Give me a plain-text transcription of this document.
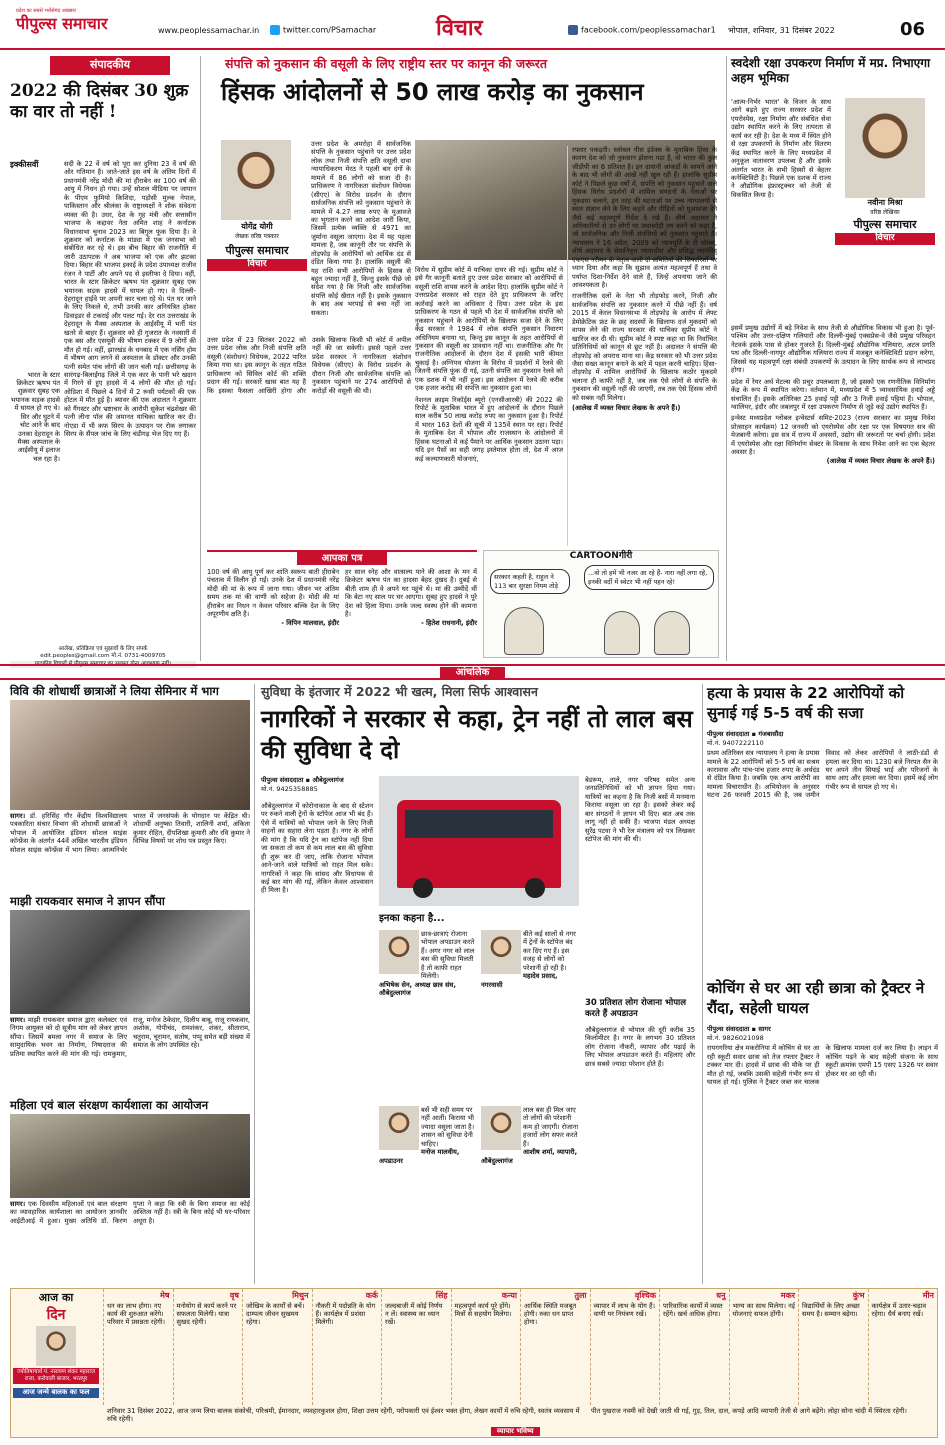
प्रदेश का सबसे भरोसेमंद अखबार
पीपुल्स समाचार	www.peoplessamachar.in	twitter.com/PSamachar	विचार	facebook.com/peoplessamachar1 भोपाल, शनिवार, 31 दिसंबर 2022	06
संपादकीय
2022 की दिसंबर 30 शुक्र का वार तो नहीं !
इक्कीसवीं
भारत के स्टार क्रिकेटर ऋषभ पंत शुक्रवार सुबह एक भयानक सड़क हादसे में घायल हो गए थे। सिर और घुटने में चोट आने के बाद उनका देहरादून के मैक्स अस्पताल के आईसीयू में इलाज चल रहा है।
सदी के 22 वें वर्ष को पूरा कर दुनिया 23 वें वर्ष की ओर गतिमान है। जाते-जाते इस वर्ष के अंतिम दिनों में प्रधानमंत्री नरेंद्र मोदी की मां हीराबेन का 100 वर्ष की आयु में निधन हो गया। उन्हें सोशल मीडिया पर जापान के पीएम फुमियो किशिदा, पड़ोसी मुल्क नेपाल, पाकिस्तान और श्रीलंका के राष्ट्राध्यक्षों ने शोक संवेदना व्यक्त की है। उधर, देश के गृह मंत्री और सत्तासीन भाजपा के कद्दावर नेता अमित शाह ने कर्नाटक विधानसभा चुनाव 2023 का बिगुल फूंक दिया है। वे शुक्रवार को कर्नाटक के मांड्या में एक जनसभा को संबोधित कर रहे थे। इस बीच बिहार की राजनीति में जारी उठापटक ने अब भाजपा को एक और झटका दिया। बिहार की भाजपा इकाई के प्रदेश उपाध्यक्ष राजीव रंजन ने पार्टी और अपने पद से इस्तीफा दे दिया। वहीं, भारत के स्टार क्रिकेटर ऋषभ पंत शुक्रवार सुबह एक भयानक सड़क हादसे में घायल हो गए। वे दिल्ली-देहरादून हाईवे पर अपनी कार चला रहे थे। पंत घर जाने के लिए निकले थे, तभी उनकी कार अनियंत्रित होकर डिवाइडर से टकराई और पलट गई। देर रात उत्तराखंड के देहरादून के मैक्स अस्पताल के आईसीयू में भर्ती पंत खतरे से बाहर हैं। शुक्रवार को ही गुजरात के नवसारी में एक बस और एसयूवी की भीषण टक्कर में 9 लोगों की मौत हो गई। वहीं, झारखंड के धनबाद में एक नर्सिंग होम में भीषण आग लगने से अस्पताल के डॉक्टर और उनकी पत्नी समेत पांच लोगों की जान चली गई। छत्तीसगढ़ के सारंगढ़-बिलाईगढ़ जिले में एक कार के पानी भरे खदान में गिरने से हुए हादसे में 4 लोगों की मौत हो गई। ओडिशा में पिछले 4 दिनों में 2 रूसी पर्यटकों की एक होटल में मौत हुई है। ब्यावर की एक अदालत ने शुक्रवार को गैंगस्टर और भ्रष्टाचार के आरोपी सुकेश चंद्रशेखर की पत्नी लीना पॉल की जमानत याचिका खारिज कर दी। नोएडा में भी कफ सिरप के उत्पादन पर रोक लगाकर सिरप के सैंपल जांच के लिए चंडीगढ़ भेज दिए गए हैं।
आलेख, प्रतिक्रिया एवं सुझावों के लिए संपर्क
edit.peoples@gmail.com मो.नं. 0731-4009705
पाठकीय विचारों से पीपुल्स समाचार का सहमत होना आवश्यक नहीं।
संपत्ति को नुकसान की वसूली के लिए राष्ट्रीय स्तर पर कानून की जरूरत
हिंसक आंदोलनों से 50 लाख करोड़ का नुकसान
योगेंद्र योगी
लेखक वरिष्ठ पत्रकार
पीपुल्स समाचार
विचार
उत्तर प्रदेश के अमरोहा में सार्वजनिक संपत्ति के नुकसान पहुंचाने पर उत्तर प्रदेश लोक तथा निजी संपत्ति क्षति वसूली दावा न्यायाधिकरण मेरठ ने पहली बार दंगों के मामले में 86 लोगों को सजा दी है। प्राधिकरण ने नागरिकता संशोधन विधेयक (सीएए) के विरोध प्रदर्शन के दौरान सार्वजनिक संपत्ति को नुकसान पहुंचाने के मामले में 4.27 लाख रुपए के मुआवजे का भुगतान करने का आदेश जारी किया, जिसमें प्रत्येक व्यक्ति से 4971 का जुर्माना वसूला जाएगा। देश में यह पहला मामला है, जब कानूनी तौर पर संपत्ति के तोड़फोड़ के आरोपियों को आर्थिक दंड से दंडित किया गया है। हालांकि वसूली की यह राशि सभी आरोपियों के हिसाब से बहुत ज्यादा नहीं है, किन्तु इसके पीछे जो संदेश गया है कि निजी और सार्वजनिक संपत्ति कोई खैरात नहीं है। इसके नुकसान के बाद अब भरपाई से बचा नहीं जा सकता।
उत्तर प्रदेश में 23 सितंबर 2022 को उत्तर प्रदेश लोक और निजी संपत्ति क्षति वसूली (संशोधन) विधेयक, 2022 पारित किया गया था। इस कानून के तहत गठित प्राधिकरण को सिविल कोर्ट की शक्ति प्रदान की गई। सरकारें खास बात यह है कि इसका फैसला आखिरी होगा और उसके खिलाफ किसी भी कोर्ट में अपील नहीं की जा सकेगी। इससे पहले उत्तर प्रदेश सरकार ने नागरिकता संशोधन विधेयक (सीएए) के विरोध प्रदर्शन के दौरान निजी और सार्वजनिक संपत्ति को नुकसान पहुंचाने पर 274 आरोपियों से करोड़ों की वसूली की थी।
विरोध में सुप्रीम कोर्ट में याचिका दायर की गई। सुप्रीम कोर्ट ने इसे गैर कानूनी बताते हुए उत्तर प्रदेश सरकार को आरोपियों से वसूली राशि वापस करने के आदेश दिए। हालांकि सुप्रीम कोर्ट ने उत्तरप्रदेश सरकार को राहत देते हुए प्राधिकरण के जरिए कार्रवाई करने का अधिकार दे दिया। उत्तर प्रदेश के इस प्राधिकरण के गठन से पहले भी देश में सार्वजनिक संपत्ति को नुकसान पहुंचाने के आरोपियों के खिलाफ सजा देने के लिए केंद्र सरकार ने 1984 में लोक संपत्ति नुकसान निवारण अधिनियम बनाया था, किन्तु इस कानून के तहत आरोपियों से नुकसान की वसूली का प्रावधान नहीं था। राजनीतिक और गैर राजनीतिक आंदोलनों के दौरान देश में इसकी भारी कीमत चुकाई है। अग्निपथ योजना के विरोध में प्रदर्शनों में रेलवे की जितनी संपत्ति फूंक दी गई, उतनी संपत्ति का नुकसान रेलवे को एक दशक में भी नहीं हुआ। इस आंदोलन में रेलवे की करीब एक हजार करोड़ की संपत्ति का नुकसान हुआ था।
नेशनल क्राइम रिकॉर्ड्स ब्यूरो (एनसीआरबी) की 2022 की रिपोर्ट के मुताबिक भारत में हुए आंदोलनों के दौरान पिछले साल करीब 50 लाख करोड़ रुपए का नुकसान हुआ है। रिपोर्ट में भारत 163 देशों की सूची में 135वें स्थान पर रहा। रिपोर्ट के मुताबिक देश में भोपाल और राजस्थान के आंदोलनों में हिंसक घटनाओं में कई पैमाने पर आर्थिक नुकसान उठाना पड़ा। यदि इन पैसों का सही जगह इस्तेमाल होता तो, देश में आज कई कल्याणकारी योजनाएं,
रफ्तार पकड़ती। स्लोबल पीस इंडेक्स के मुताबिक हिंसा के कारण देश को जो नुकसान झेलना पड़ा है, वो भारत की कुल जीडीपी का 6 प्रतिशत है। इन दावानों आंकड़ों के सामने आने के बाद भी लोगों की आंखें नहीं खुल रही हैं। हालांकि सुप्रीम कोर्ट ने पिछले कुछ वर्षों में, संपत्ति को नुकसान पहुंचाने वाले हिंसक विरोध प्रदर्शनों में शामिल संगठनों के नेताओं पर मुकदमा चलाने, इन तरह की घटनाओं पर उच्च न्यायालयों से स्वतः संज्ञान लेने के लिए कहने और पीड़ितों को मुआवजा देने जैसे कई महत्वपूर्ण निर्देश दे रखे हैं। शीर्ष अदालत ने अधिकारियों से उन लोगों पर जवाबदेही तय करने को कहा है, जो सार्वजनिक और निजी संपत्तियों को नुकसान पहुंचाते हैं। न्यायालय ने 16 अप्रैल, 2009 को न्यायमूर्ति के टी थॉमस, शीर्ष अदालत के सेवानिवृत्त न्यायाधीश और प्रसिद्ध न्यायविद् एफएस नरीमन के नेतृत्व वाली दो समितियों की सिफारिशों पर ध्यान दिया और कहा कि सुझाव अत्यंत महत्वपूर्ण हैं तथा वे पर्याप्त दिशा-निर्देश देने वाले हैं, जिन्हें अपनाया जाने की आवश्यकता है।
राजनीतिक दलों के नेता भी तोड़फोड़ करने, निजी और सार्वजनिक संपत्ति का नुकसान करने में पीछे नहीं हैं। वर्ष 2015 में केरल विधानसभा में तोड़फोड़ के आरोप में लेफ्ट डेमोक्रेटिक फ्रंट के छह सदस्यों के खिलाफ दर्ज मुकदमों को वापस लेने की राज्य सरकार की याचिका सुप्रीम कोर्ट ने खारिज कर दी थी। सुप्रीम कोर्ट ने स्पष्ट कहा था कि निर्वाचित प्रतिनिधियों को कानून से छूट नहीं है। अदालत ने संपत्ति की तोड़फोड़ को अपराध माना था। केंद्र सरकार को भी उत्तर प्रदेश जैसा सख्त कानून बनाने के बारे में पहल करनी चाहिए। हिंसा-तोड़फोड़ में शामिल आरोपियों के खिलाफ कठोर मुकदमे चलाना ही काफी नहीं है, जब तक ऐसे लोगों से संपत्ति के नुकसान की वसूली नहीं की जाएगी, तब तक ऐसे हिंसक लोगों को सबक नहीं मिलेगा।
(आलेख में व्यक्त विचार लेखक के अपने हैं।)
आपका पत्र
100 वर्ष की आयु पूर्ण कर शांति स्वरूप बाती हीराबेन पंचतत्व में विलीन हो गईं। उनके देश में प्रधानमंत्री नरेंद्र मोदी की मां के रूप में जाना गया। जीवन भर अंतिम समय तक मां की वाणी को सहेजा है। मोदी की मां हीराबेन का निधन न केवल परिवार बल्कि देश के लिए अपूरणीय क्षति है।
- विपिन मालवाल, इंदौर
हर साल स्नेह और वात्सल्य पाने की आशा के मन में क्रिकेटर ऋषभ पंत का हादसा बेहद दुखद है। दुबई से बीती शाम ही वे अपने घर पहुंचे थे। मां की उम्मीदें थीं कि बेटा नए साल पर घर आएगा। सुबह हुए हादसे ने पूरे देश को हिला दिया। उनके जल्द स्वस्थ होने की कामना है।
- हितेश राधनानी, इंदौर
CARTOONगीरी
सरकार कहती है, राहुल ने 113 बार सुरक्षा नियम तोड़े
...वो तो हमें भी नजर आ रहे हैं- नारा नहीं लगा रहे, इनकी वर्दी में स्वेटर भी नहीं पहन रहे!
स्वदेशी रक्षा उपकरण निर्माण में मप्र. निभाएगा अहम भूमिका
'आत्म-निर्भर भारत' के विजन के साथ आगे बढ़ते हुए राज्य सरकार प्रदेश में एयरोस्पेस, रक्षा निर्माण और संबंधित सेवा उद्योग स्थापित करने के लिए तत्परता से कार्य कर रही है। देश के मध्य में स्थित होने से रक्षा उपकरणों के निर्माण और वितरण केंद्र स्थापित करने के लिए मध्यप्रदेश में अनुकूल वातावरण उपलब्ध है और इसके अंतर्गत भारत के सभी हिस्सों से बेहतर कनेक्टिविटी है। पिछले एक दशक में राज्य ने औद्योगिक इंफ्रास्ट्रक्चर को तेजी से विकसित किया है।
नवीना मिश्रा
वरिष्ठ लेखिका
पीपुल्स समाचार
विचार
इसमें प्रमुख उद्योगों में बड़े निवेश के साथ तेजी से औद्योगिक विकास भी हुआ है। पूर्व-पश्चिम और उत्तर-दक्षिण गलियारों और दिल्ली-मुंबई एक्सप्रेस-वे जैसे प्रमुख परिवहन नेटवर्क इसके पास से होकर गुजरते हैं। दिल्ली-मुंबई औद्योगिक गलियारा, अटल प्रगति पथ और दिल्ली-नागपुर औद्योगिक गलियारा राज्य में मजबूत कनेक्टिविटी प्रदान करेगा, जिससे यह महत्वपूर्ण रक्षा संबंधी उपकरणों के उत्पादन के लिए सार्थक रूप से लाभप्रद होगा।
प्रदेश में रेयर अर्थ मेटल्स की प्रचुर उपलब्धता है, जो इसको एक रणनीतिक विनिर्माण केंद्र के रूप में स्थापित करेगा। वर्तमान में, मध्यप्रदेश में 5 व्यावसायिक हवाई अड्डे संचालित हैं। इसके अतिरिक्त 25 हवाई पट्टी और 3 निजी हवाई पट्टियां हैं। भोपाल, ग्वालियर, इंदौर और जबलपुर में रक्षा उपकरण निर्माण से जुड़े कई उद्योग स्थापित हैं।
इन्वेस्ट मध्यप्रदेश ग्लोबल इन्वेस्टर्स समिट-2023 (राज्य सरकार का प्रमुख निवेश प्रोत्साहन कार्यक्रम) 12 जनवरी को एयरोस्पेस और रक्षा पर एक विषयगत सत्र की मेजबानी करेगा। इस सत्र में राज्य में अवसरों, उद्योग की जरूरतों पर चर्चा होगी। प्रदेश में एयरोस्पेस और रक्षा विनिर्माण सेक्टर के विकास के साथ निवेश आने का एक बेहतर अवसर है।
(आलेख में व्यक्त विचार लेखक के अपने हैं।)
आंचलिक
विवि की शोधार्थी छात्राओं ने लिया सेमिनार में भाग
सागर। डॉ. हरिसिंह गौर केंद्रीय विश्वविद्यालय पत्रकारिता संचार विभाग की शोधार्थी छात्राओं ने भोपाल में आयोजित इंडियन सोशल साइंस कॉन्फ्रेंस के अंतर्गत 44वें अखिल भारतीय इंडियन सोशल साइंस कॉन्फ्रेंस में भाग लिया। आत्मनिर्भर भारत में जनसंपर्क के योगदान पर केंद्रित थी। शोधार्थी अनुष्का तिवारी, शालिनी शर्मा, अंकिता कुमार रोहित, दीपशिखा कुमारी और रवि कुमार ने विभिन्न विषयों पर शोध पत्र प्रस्तुत किए।
माझी रायकवार समाज ने ज्ञापन सौंपा
सागर। माझी रायकवार समाज द्वारा कलेक्टर एवं निगम आयुक्त को दो सूत्रीय मांग को लेकर ज्ञापन सौंपा। जिसमें बमला नगर में समाज के लिए सामुदायिक भवन का निर्माण, निषादराज की प्रतिमा स्थापित करने की मांग की गई। रामकुमार, राजू, मनोज ठेकेदार, दिलीप बाबू, राजू रायकवार, अशोक, गोपीचंद, रामशंकर, शंकर, सीताराम, चतुराम, चूरामन, संतोष, पप्पू समेत बड़ी संख्या में समाज के लोग उपस्थित रहे।
महिला एवं बाल संरक्षण कार्यशाला का आयोजन
सागर। एक दिवसीय महिलाओं एवं बाल संरक्षण का व्यावहारिक कार्यशाला का आयोजन ज्ञानवीर आईटीआई में हुआ। मुख्य अतिथि डॉ. किरण गुप्ता ने कहा कि स्त्री के बिना समाज का कोई अस्तित्व नहीं है। स्त्री के बिना कोई भी घर-परिवार अधूरा है।
सुविधा के इंतजार में 2022 भी खत्म, मिला सिर्फ आश्वासन
नागरिकों ने सरकार से कहा, ट्रेन नहीं तो लाल बस की सुविधा दे दो
पीपुल्स संवाददाता ▪ औबेदुल्लागंज
मो.नं. 9425358885
औबेदुल्लागंज में कोरोनाकाल के बाद से स्टेशन पर रुकने वाली ट्रेनों के स्टॉपेज आज भी बंद हैं। ऐसे में यात्रियों को भोपाल जाने के लिए निजी वाहनों का सहारा लेना पड़ता है। नगर के लोगों की मांग है कि यदि ट्रेन का स्टॉपेज नहीं दिया जा सकता तो कम से कम लाल बस की सुविधा ही शुरू कर दी जाए, ताकि रोजाना भोपाल आने-जाने वाले यात्रियों को राहत मिल सके। नागरिकों ने कहा कि सांसद और विधायक से कई बार मांग की गई, लेकिन केवल आश्वासन ही मिला है।
बेडरूम, ताले, नगर परिषद समेत अन्य जनप्रतिनिधियों को भी ज्ञापन दिया गया। यात्रियों का कहना है कि निजी बसों में मनमाना किराया वसूला जा रहा है। इसको लेकर कई बार संगठनों ने ज्ञापन भी दिए। बात अब तक लागू नहीं हो सकी है। भाजपा मंडल अध्यक्ष सुरेंद्र पटवा ने भी रेल मंत्रालय को पत्र लिखकर स्टॉपेज की मांग की थी।
30 प्रतिशत लोग रोजाना भोपाल करते हैं अपडाउन
औबेदुल्लागंज से भोपाल की दूरी करीब 35 किलोमीटर है। नगर के लगभग 30 प्रतिशत लोग रोजाना नौकरी, व्यापार और पढ़ाई के लिए भोपाल अपडाउन करते हैं। महिलाएं और छात्र सबसे ज्यादा परेशान होते हैं।
इनका कहना है...
छात्र-छात्राएं रोजाना भोपाल अपडाउन करते हैं। अगर नगर को लाल बस की सुविधा मिलती है तो काफी राहत मिलेगी।
अभिषेक सेन, अध्यक्ष छात्र संघ, औबेदुल्लागंज
बीते कई सालों से नगर में ट्रेनों के स्टॉपेज बंद कर दिए गए हैं। इस वजह से लोगों को परेशानी हो रही है।
महादेव प्रसाद, नगरवासी
बसें भी सही समय पर नहीं आतीं। किराया भी ज्यादा वसूला जाता है। शासन को सुविधा देनी चाहिए।
मनोज मालवीय, अपडाउनर
लाल बस ही मिल जाए तो लोगों की परेशानी कम हो जाएगी। रोजाना हजारों लोग सफर करते हैं।
आशीष शर्मा, व्यापारी, औबेदुल्लागंज
हत्या के प्रयास के 22 आरोपियों को सुनाई गई 5-5 वर्ष की सजा
पीपुल्स संवाददाता ▪ गंजबासौदा
मो.नं. 9407222110
प्रथम अतिरिक्त सत्र न्यायालय ने हत्या के प्रयास मामले के 22 आरोपियों को 5-5 वर्ष का सश्रम कारावास और पांच-पांच हजार रुपए के अर्थदंड से दंडित किया है। जबकि एक अन्य आरोपी का मामला विचाराधीन है। अभियोजन के अनुसार घटना 26 फरवरी 2015 की है, जब जमीन विवाद को लेकर आरोपियों ने लाठी-डंडों से हमला कर दिया था। 1230 बजे निरपत सैन के घर अपने तीन सियाई भाई और परिजनों के साथ आए और हमला कर दिया। इसमें कई लोग गंभीर रूप से घायल हो गए थे।
कोचिंग से घर आ रही छात्रा को ट्रैक्टर ने रौंदा, सहेली घायल
पीपुल्स संवाददाता ▪ सागर
मो.नं. 9826021098
रायगगरिया क्षेत्र मकरोनिया में कोचिंग से घर आ रही स्कूटी सवार छात्रा को तेज रफ्तार ट्रैक्टर ने टक्कर मार दी। हादसे में छात्रा की मौके पर ही मौत हो गई, जबकि उसकी सहेली गंभीर रूप से घायल हो गई। पुलिस ने ट्रैक्टर जब्त कर चालक के खिलाफ मामला दर्ज कर लिया है। लाइन में कोचिंग पढ़ने के बाद सहेली संजना के साथ स्कूटी क्रमांक एमपी 15 एसए 1326 पर सवार होकर घर आ रही थी।
आज का
दिन
ज्योतिषाचार्य पं. नारायण शंकर महाराज राजा, करोवाली बाजार, भरतपुर
आज जन्मे बालक का फल
मेष
धन का लाभ होगा। नए कार्य की शुरुआत करेंगे। परिवार में प्रसन्नता रहेगी।
वृष
मनोयोग से कार्य करने पर सफलता मिलेगी। यात्रा सुखद रहेगी।
मिथुन
जोखिम के कार्यों से बचें। दाम्पत्य जीवन सुखमय रहेगा।
कर्क
नौकरी में पदोन्नति के योग हैं। कार्यक्षेत्र में प्रशंसा मिलेगी।
सिंह
जल्दबाजी में कोई निर्णय न लें। स्वास्थ्य का ध्यान रखें।
कन्या
महत्वपूर्ण कार्य पूरे होंगे। मित्रों से सहयोग मिलेगा।
तुला
आर्थिक स्थिति मजबूत होगी। रुका धन प्राप्त होगा।
वृश्चिक
व्यापार में लाभ के योग हैं। वाणी पर नियंत्रण रखें।
धनु
पारिवारिक कार्यों में व्यस्त रहेंगे। खर्च अधिक होगा।
मकर
भाग्य का साथ मिलेगा। नई योजनाएं सफल होंगी।
कुंभ
विद्यार्थियों के लिए अच्छा समय है। सम्मान बढ़ेगा।
मीन
कार्यक्षेत्र में उतार-चढ़ाव रहेगा। धैर्य बनाए रखें।
शनिवार 31 दिसंबर 2022, आज जन्म लिया बालक संकोची, परिश्रमी, ईमानदार, व्यवहारकुशल होगा, शिक्षा उत्तम रहेगी, परोपकारी एवं ईश्वर भक्त होगा, लेखन कार्यों में रुचि रहेगी, स्वतंत्र व्यवसाय में रुचि रहेगी।
पीत पुखराज नवमी को देखी जाती थी गई, गुड़, तिल, दाल, कपड़े आदि व्यापारी तेजी से आगे बढ़ेंगे। लोहा सोना चांदी में स्थिरता रहेगी।
व्यापार भविष्य
